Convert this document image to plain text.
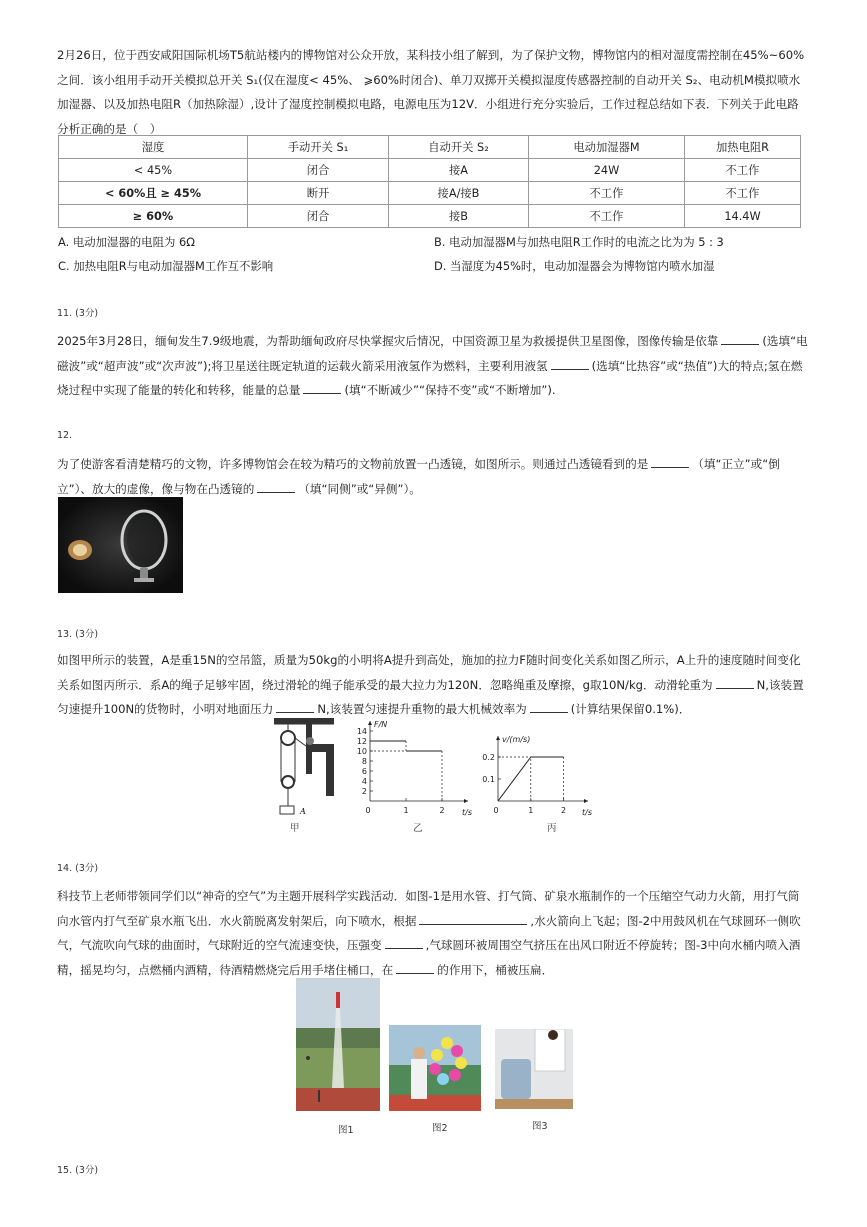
2月26日，位于西安咸阳国际机场T5航站楼内的博物馆对公众开放，某科技小组了解到，为了保护文物，博物馆内的相对湿度需控制在45%~60%之间．该小组用手动开关模拟总开关 S₁(仅在湿度< 45%、 ⩾60%时闭合)、单刀双掷开关模拟湿度传感器控制的自动开关 S₂、电动机M模拟喷水加湿器、以及加热电阻R（加热除湿）,设计了湿度控制模拟电路，电源电压为12V．小组进行充分实验后，工作过程总结如下表．下列关于此电路分析正确的是（　）

湿度	手动开关 S₁	自动开关 S₂	电动加湿器M	加热电阻R
< 45%	闭合	接A	24W	不工作
< 60%且 ≥ 45%	断开	接A/接B	不工作	不工作
≥ 60%	闭合	接B	不工作	14.4W
A. 电动加湿器的电阻为 6Ω	B. 电动加湿器M与加热电阻R工作时的电流之比为为 5 : 3
C. 加热电阻R与电动加湿器M工作互不影响	D. 当湿度为45%时，电动加湿器会为博物馆内喷水加湿
11. (3分)

2025年3月28日，缅甸发生7.9级地震，为帮助缅甸政府尽快掌握灾后情况，中国资源卫星为救援提供卫星图像，图像传输是依靠	(选填“电磁波”或“超声波”或“次声波”);将卫星送往既定轨道的运载火箭采用液氢作为燃料，主要利用液氢	(选填“比热容”或“热值”)大的特点;氢在燃烧过程中实现了能量的转化和转移，能量的总量	(填“不断减少”“保持不变”或“不断增加”).

12.

为了使游客看清楚精巧的文物，许多博物馆会在较为精巧的文物前放置一凸透镜，如图所示。则通过凸透镜看到的是	（填“正立”或“倒立”）、放大的虚像，像与物在凸透镜的	（填“同侧”或“异侧”）。

13. (3分)

如图甲所示的装置，A是重15N的空吊篮，质量为50kg的小明将A提升到高处，施加的拉力F随时间变化关系如图乙所示，A上升的速度随时间变化关系如图丙所示．系A的绳子足够牢固，绕过滑轮的绳子能承受的最大拉力为120N．忽略绳重及摩擦，g取10N/kg．动滑轮重为	N,该装置匀速提升100N的货物时，小明对地面压力	N,该装置匀速提升重物的最大机械效率为	(计算结果保留0.1%)．

A
F/N
t/s
14
12
10
8
6
4
2
0	1	2
v/(m/s)
t/s
0.2
0.1
0	1	2
甲	乙	丙
14. (3分)

科技节上老师带领同学们以“神奇的空气”为主题开展科学实践活动．如图-1是用水管、打气筒、矿泉水瓶制作的一个压缩空气动力火箭，用打气筒向水管内打气至矿泉水瓶飞出．水火箭脱离发射架后，向下喷水，根据	,水火箭向上飞起；图-2中用鼓风机在气球圆环一侧吹气，气流吹向气球的曲面时，气球附近的空气流速变快，压强变	,气球圆环被周围空气挤压在出风口附近不停旋转；图-3中向水桶内喷入酒精，摇晃均匀，点燃桶内酒精，待酒精燃烧完后用手堵住桶口，在	的作用下，桶被压扁．

图1	图2	图3
15. (3分)
